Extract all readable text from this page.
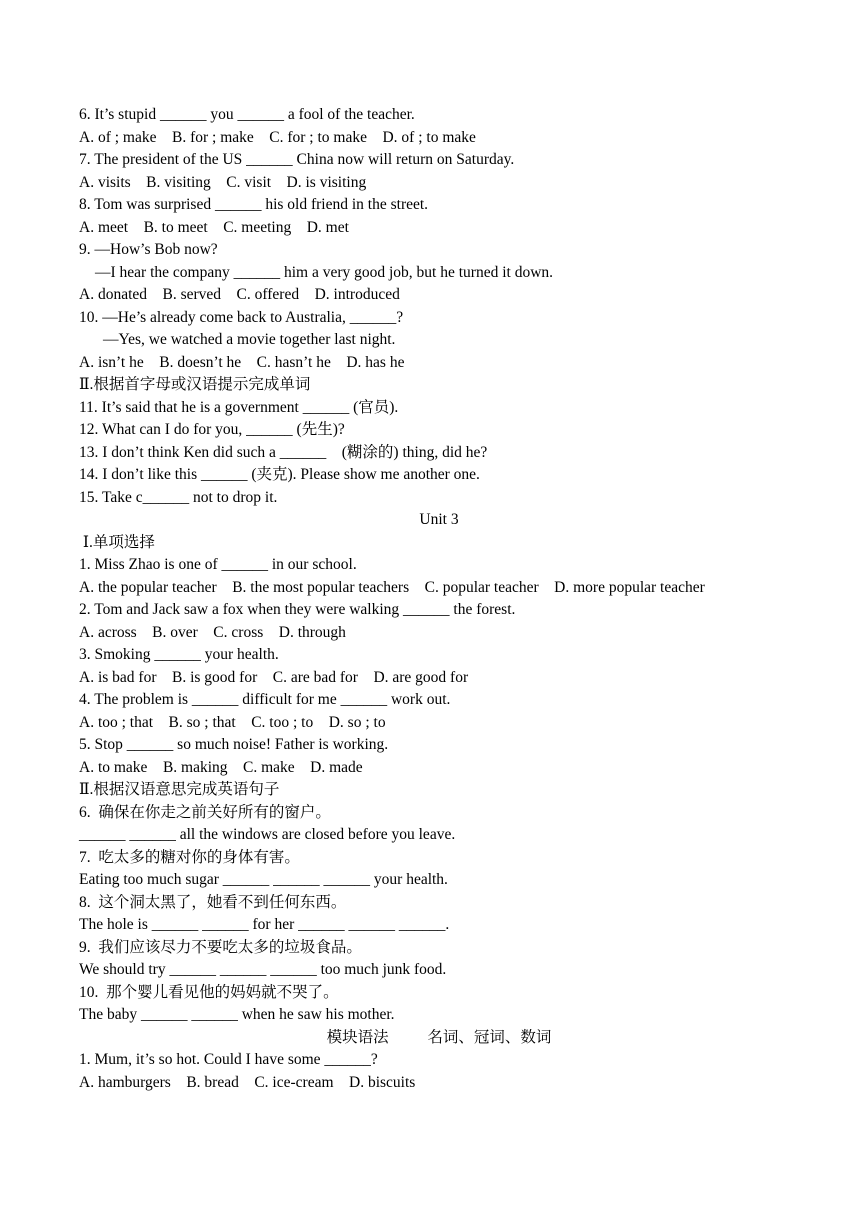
6. It’s stupid ______ you ______ a fool of the teacher.
A. of ; make    B. for ; make    C. for ; to make    D. of ; to make
7. The president of the US ______ China now will return on Saturday.
A. visits    B. visiting    C. visit    D. is visiting
8. Tom was surprised ______ his old friend in the street.
A. meet    B. to meet    C. meeting    D. met
9. —How’s Bob now?
—I hear the company ______ him a very good job, but he turned it down.
A. donated    B. served    C. offered    D. introduced
10. —He’s already come back to Australia, ______?
—Yes, we watched a movie together last night.
A. isn’t he    B. doesn’t he    C. hasn’t he    D. has he
Ⅱ.根据首字母或汉语提示完成单词
11. It’s said that he is a government ______ (官员).
12. What can I do for you, ______ (先生)?
13. I don’t think Ken did such a ______    (糊涂的) thing, did he?
14. I don’t like this ______ (夹克). Please show me another one.
15. Take c______ not to drop it.
Unit 3
Ⅰ.单项选择
1. Miss Zhao is one of ______ in our school.
A. the popular teacher    B. the most popular teachers    C. popular teacher    D. more popular teacher
2. Tom and Jack saw a fox when they were walking ______ the forest.
A. across    B. over    C. cross    D. through
3. Smoking ______ your health.
A. is bad for    B. is good for    C. are bad for    D. are good for
4. The problem is ______ difficult for me ______ work out.
A. too ; that    B. so ; that    C. too ; to    D. so ; to
5. Stop ______ so much noise! Father is working.
A. to make    B. making    C. make    D. made
Ⅱ.根据汉语意思完成英语句子
6.  确保在你走之前关好所有的窗户。
______ ______ all the windows are closed before you leave.
7.  吃太多的糖对你的身体有害。
Eating too much sugar ______ ______ ______ your health.
8.  这个洞太黑了，她看不到任何东西。
The hole is ______ ______ for her ______ ______ ______.
9.  我们应该尽力不要吃太多的垃圾食品。
We should try ______ ______ ______ too much junk food.
10.  那个婴儿看见他的妈妈就不哭了。
The baby ______ ______ when he saw his mother.
模块语法          名词、冠词、数词
1. Mum, it’s so hot. Could I have some ______?
A. hamburgers    B. bread    C. ice-cream    D. biscuits
